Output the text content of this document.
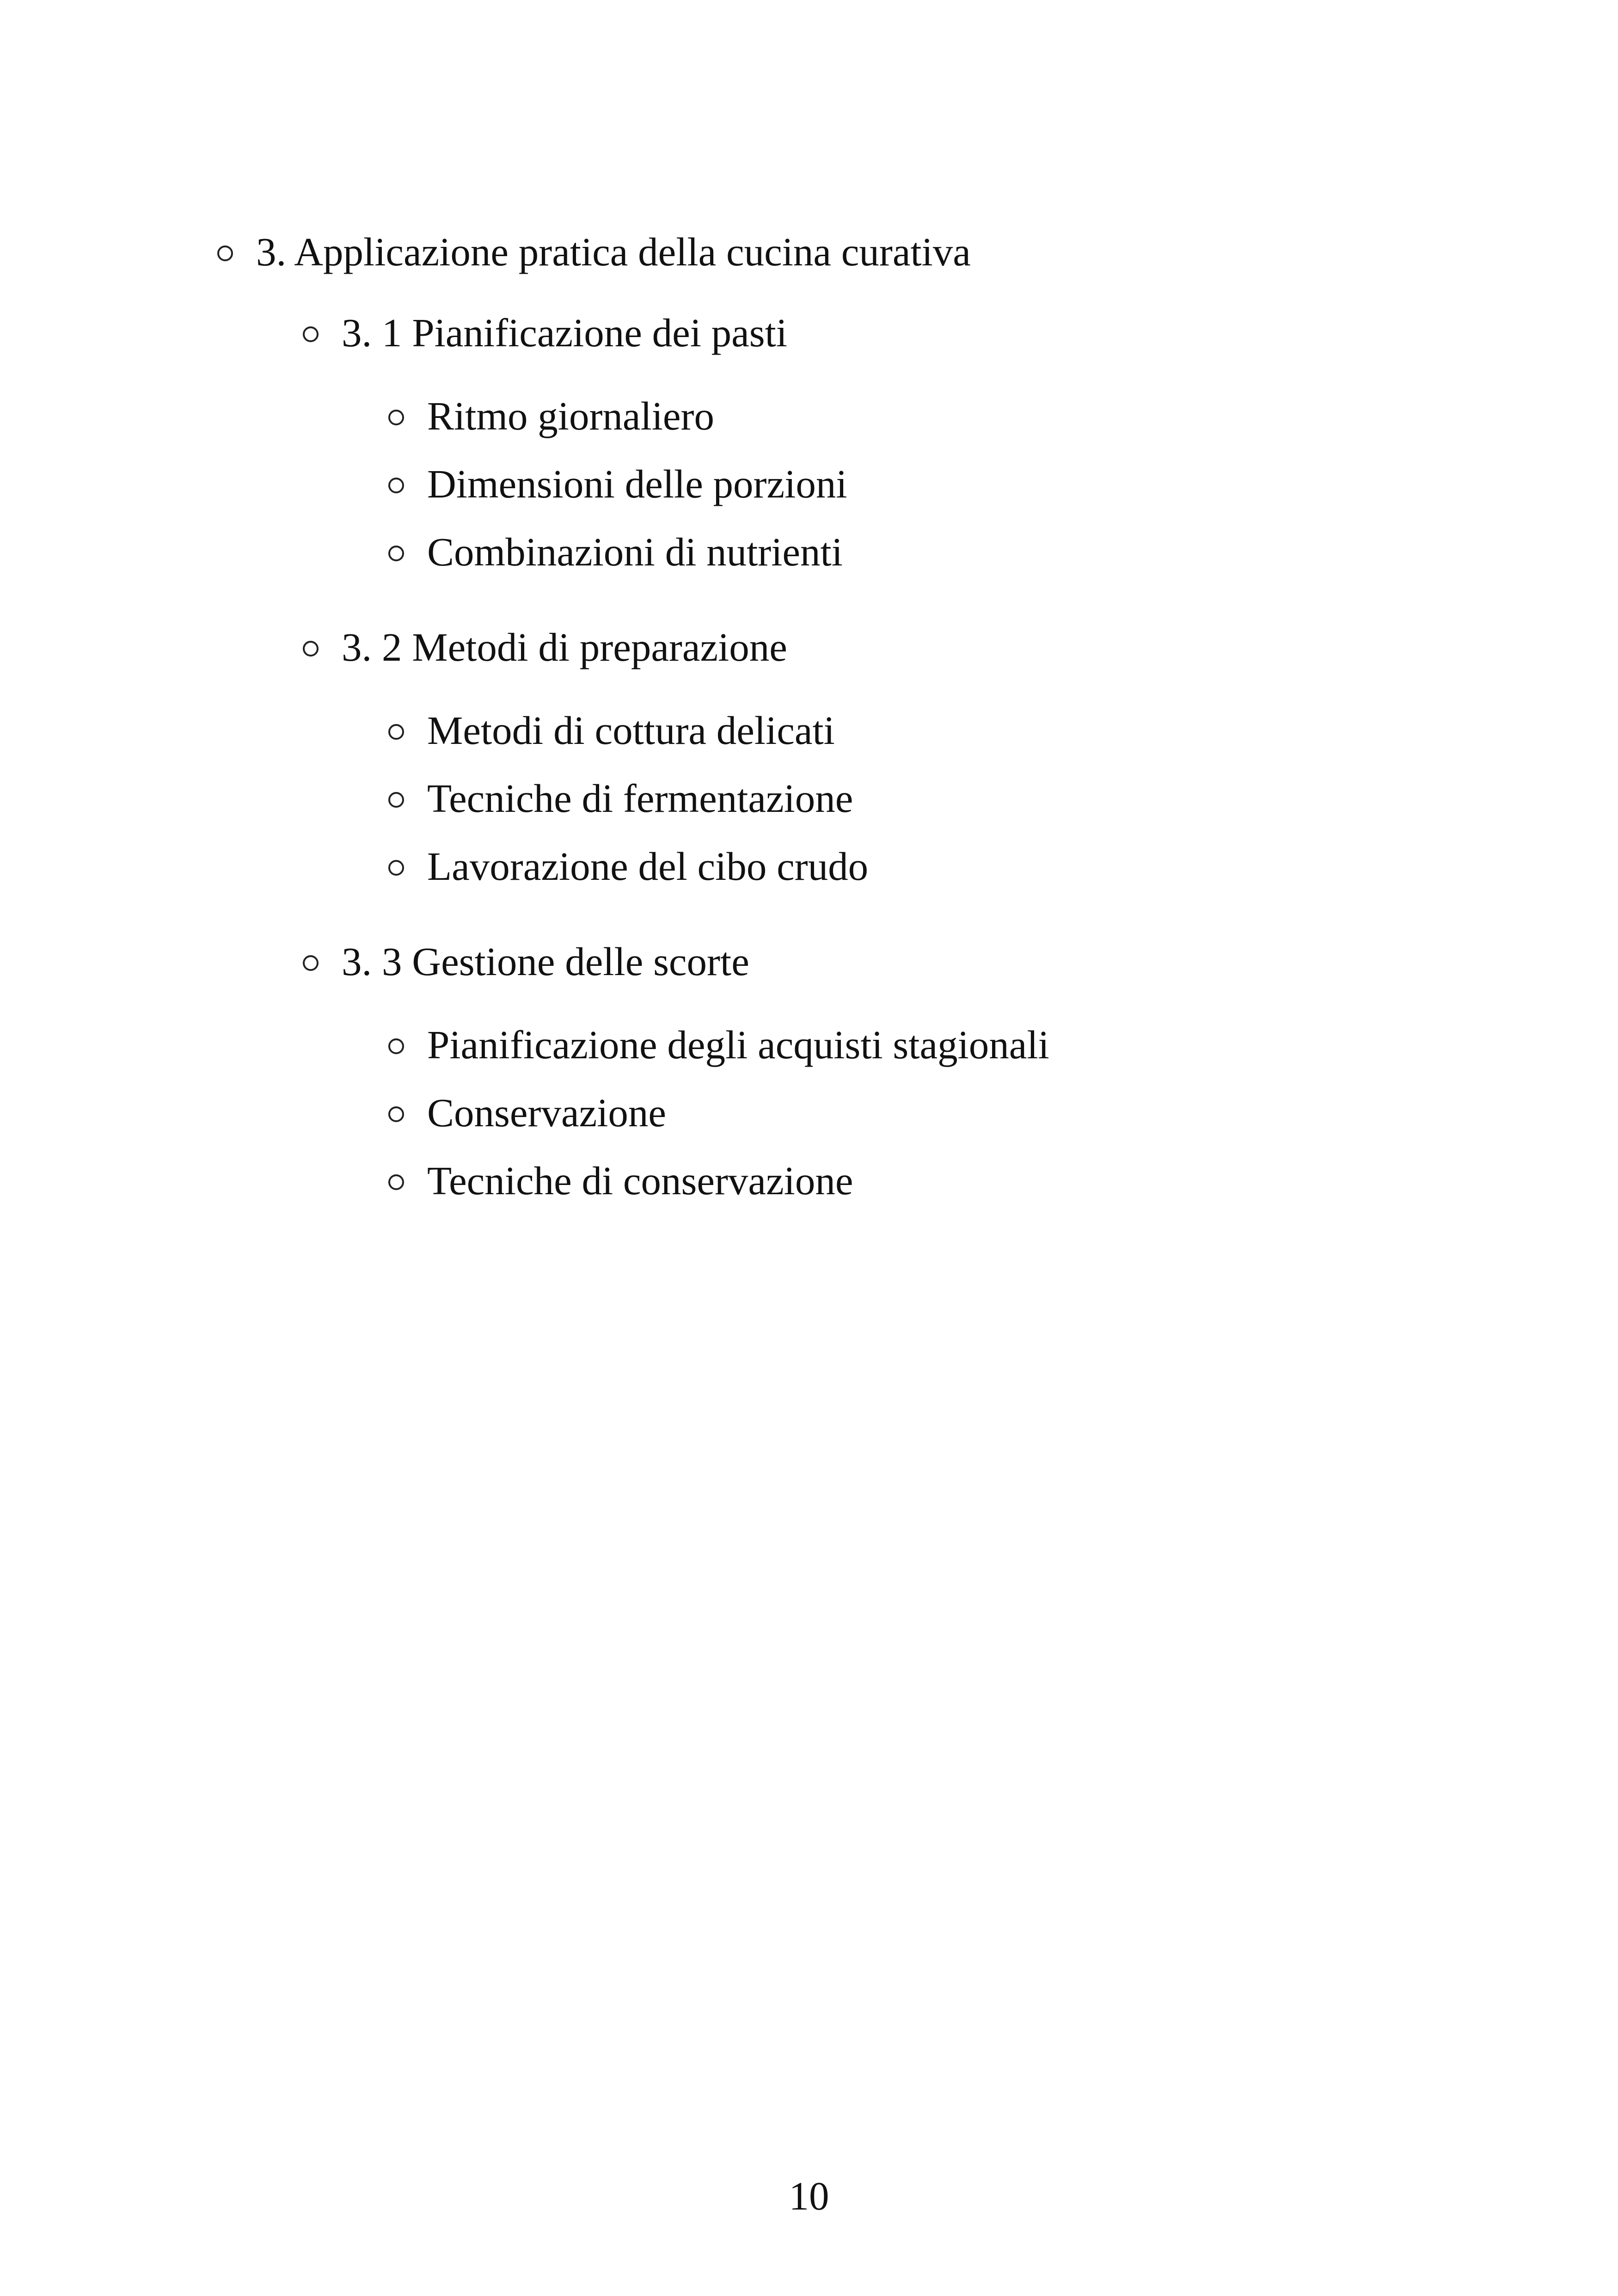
3. Applicazione pratica della cucina curativa
3. 1 Pianificazione dei pasti
Ritmo giornaliero
Dimensioni delle porzioni
Combinazioni di nutrienti
3. 2 Metodi di preparazione
Metodi di cottura delicati
Tecniche di fermentazione
Lavorazione del cibo crudo
3. 3 Gestione delle scorte
Pianificazione degli acquisti stagionali
Conservazione
Tecniche di conservazione
10
